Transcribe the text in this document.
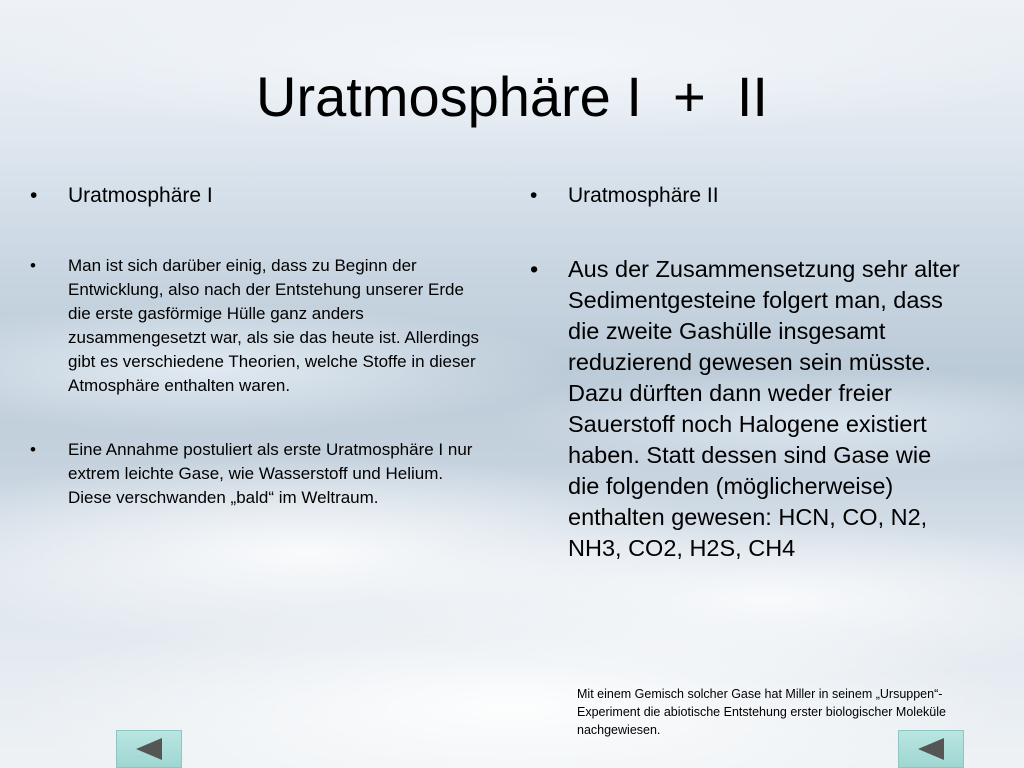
Uratmosphäre I  +  II
• Uratmosphäre I
• Man ist sich darüber einig, dass zu Beginn der Entwicklung, also nach der Entstehung unserer Erde die erste gasförmige Hülle ganz anders zusammengesetzt war, als sie das heute ist. Allerdings gibt es verschiedene Theorien, welche Stoffe in dieser Atmosphäre enthalten waren.
• Eine Annahme postuliert als erste Uratmosphäre I nur extrem leichte Gase, wie Wasserstoff und Helium. Diese verschwanden „bald“ im Weltraum.
• Uratmosphäre II
• Aus der Zusammensetzung sehr alter Sedimentgesteine folgert man, dass die zweite Gashülle insgesamt reduzierend gewesen sein müsste. Dazu dürften dann weder freier Sauerstoff noch Halogene existiert haben. Statt dessen sind Gase wie die folgenden (möglicherweise) enthalten gewesen: HCN, CO, N2, NH3, CO2, H2S, CH4
Mit einem Gemisch solcher Gase hat Miller in seinem „Ursuppen“-Experiment die abiotische Entstehung erster biologischer Moleküle nachgewiesen.
